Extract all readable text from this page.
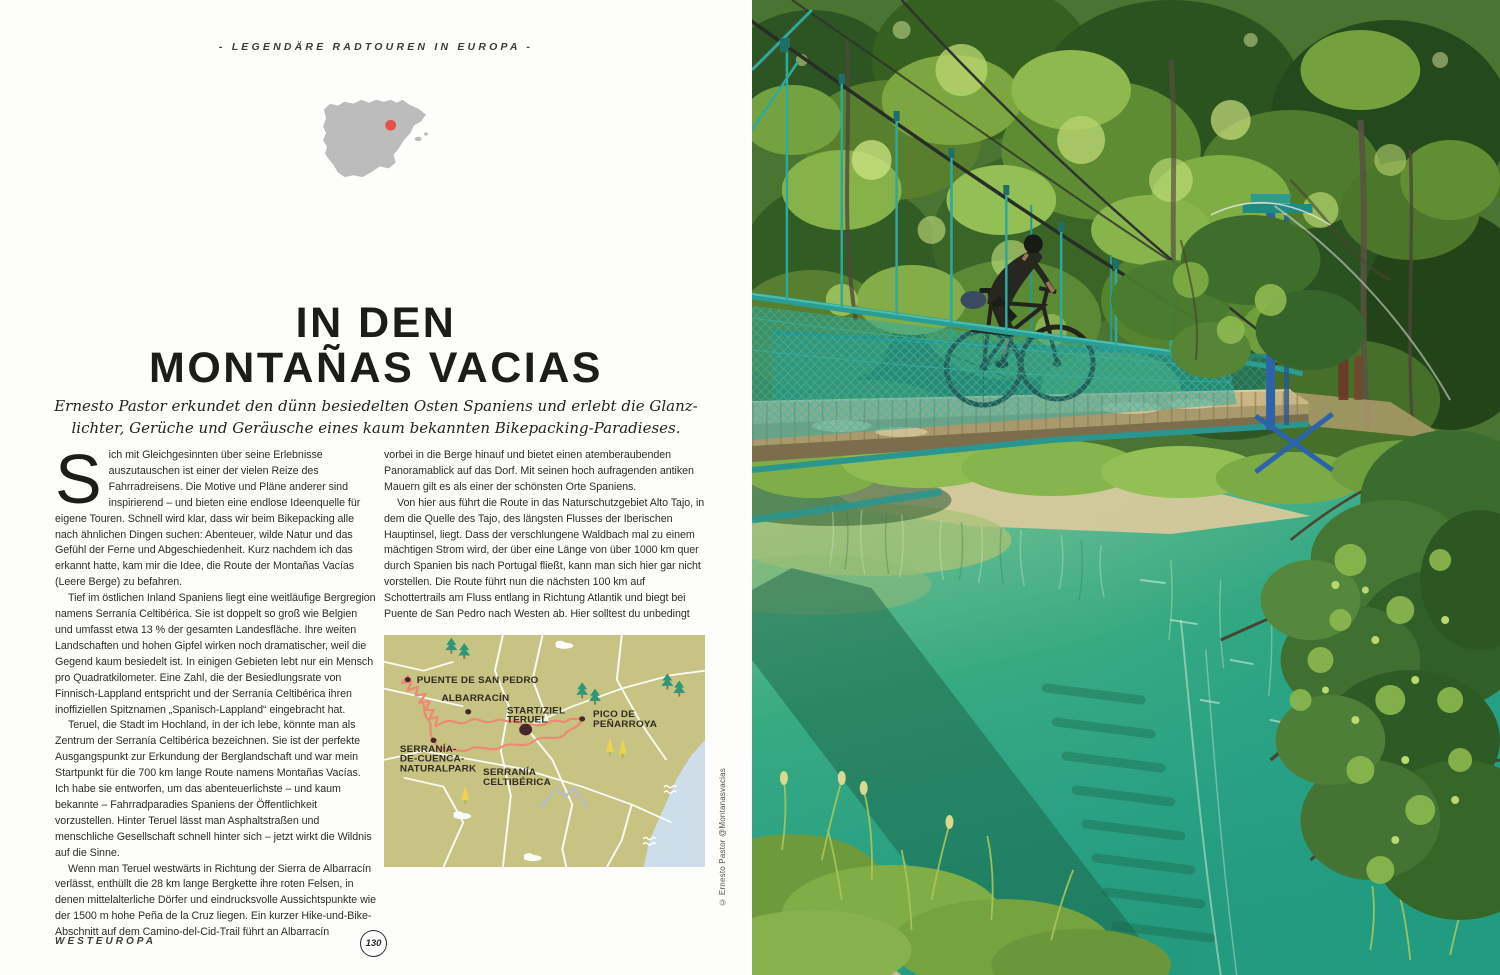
- LEGENDÄRE RADTOUREN IN EUROPA -
IN DEN
MONTAÑAS VACIAS
Ernesto Pastor erkundet den dünn besiedelten Osten Spaniens und erlebt die Glanz-
lichter, Gerüche und Geräusche eines kaum bekannten Bikepacking-Paradieses.

Sich mit Gleichgesinnten über seine Erlebnisse auszutauschen ist einer der vielen Reize des Fahrradreisens. Die Motive und Pläne anderer sind inspirierend – und bieten eine endlose Ideenquelle für eigene Touren. Schnell wird klar, dass wir beim Bikepacking alle nach ähnlichen Dingen suchen: Abenteuer, wilde Natur und das Gefühl der Ferne und Abgeschiedenheit. Kurz nachdem ich das erkannt hatte, kam mir die Idee, die Route der Montañas Vacías (Leere Berge) zu befahren.

Tief im östlichen Inland Spaniens liegt eine weitläufige Bergregion namens Serranía Celtibérica. Sie ist doppelt so groß wie Belgien und umfasst etwa 13 % der gesamten Landesfläche. Ihre weiten Landschaften und hohen Gipfel wirken noch dramatischer, weil die Gegend kaum besiedelt ist. In einigen Gebieten lebt nur ein Mensch pro Quadratkilometer. Eine Zahl, die der Besiedlungsrate von Finnisch-Lappland entspricht und der Serranía Celtibérica ihren inoffiziellen Spitznamen „Spanisch-Lappland“ eingebracht hat.

Teruel, die Stadt im Hochland, in der ich lebe, könnte man als Zentrum der Serranía Celtibérica bezeichnen. Sie ist der perfekte Ausgangspunkt zur Erkundung der Berglandschaft und war mein Startpunkt für die 700 km lange Route namens Montañas Vacías. Ich habe sie entworfen, um das abenteuerlichste – und kaum bekannte – Fahrradparadies Spaniens der Öffentlichkeit vorzustellen. Hinter Teruel lässt man Asphaltstraßen und menschliche Gesellschaft schnell hinter sich – jetzt wirkt die Wildnis auf die Sinne.

Wenn man Teruel westwärts in Richtung der Sierra de Albarracín verlässt, enthüllt die 28 km lange Bergkette ihre roten Felsen, in denen mittelalterliche Dörfer und eindrucksvolle Aussichtspunkte wie der 1500 m hohe Peña de la Cruz liegen. Ein kurzer Hike-und-Bike-Abschnitt auf dem Camino-del-Cid-Trail führt an Albarracín

vorbei in die Berge hinauf und bietet einen atemberaubenden Panoramablick auf das Dorf. Mit seinen hoch aufragenden antiken Mauern gilt es als einer der schönsten Orte Spaniens.

Von hier aus führt die Route in das Naturschutzgebiet Alto Tajo, in dem die Quelle des Tajo, des längsten Flusses der Iberischen Hauptinsel, liegt. Dass der verschlungene Waldbach mal zu einem mächtigen Strom wird, der über eine Länge von über 1000 km quer durch Spanien bis nach Portugal fließt, kann man sich hier gar nicht vorstellen. Die Route führt nun die nächsten 100 km auf Schottertrails am Fluss entlang in Richtung Atlantik und biegt bei Puente de San Pedro nach Westen ab. Hier solltest du unbedingt

PUENTE DE SAN PEDRO
ALBARRACÍN
START/ZIEL
TERUEL
PICO DE
PEÑARROYA
SERRANÍA-
DE-CUENCA-
NATURALPARK SERRANÍA
CELTIBÉRICA
WESTEUROPA	130
© Ernesto Pastor @Montanasvacias
